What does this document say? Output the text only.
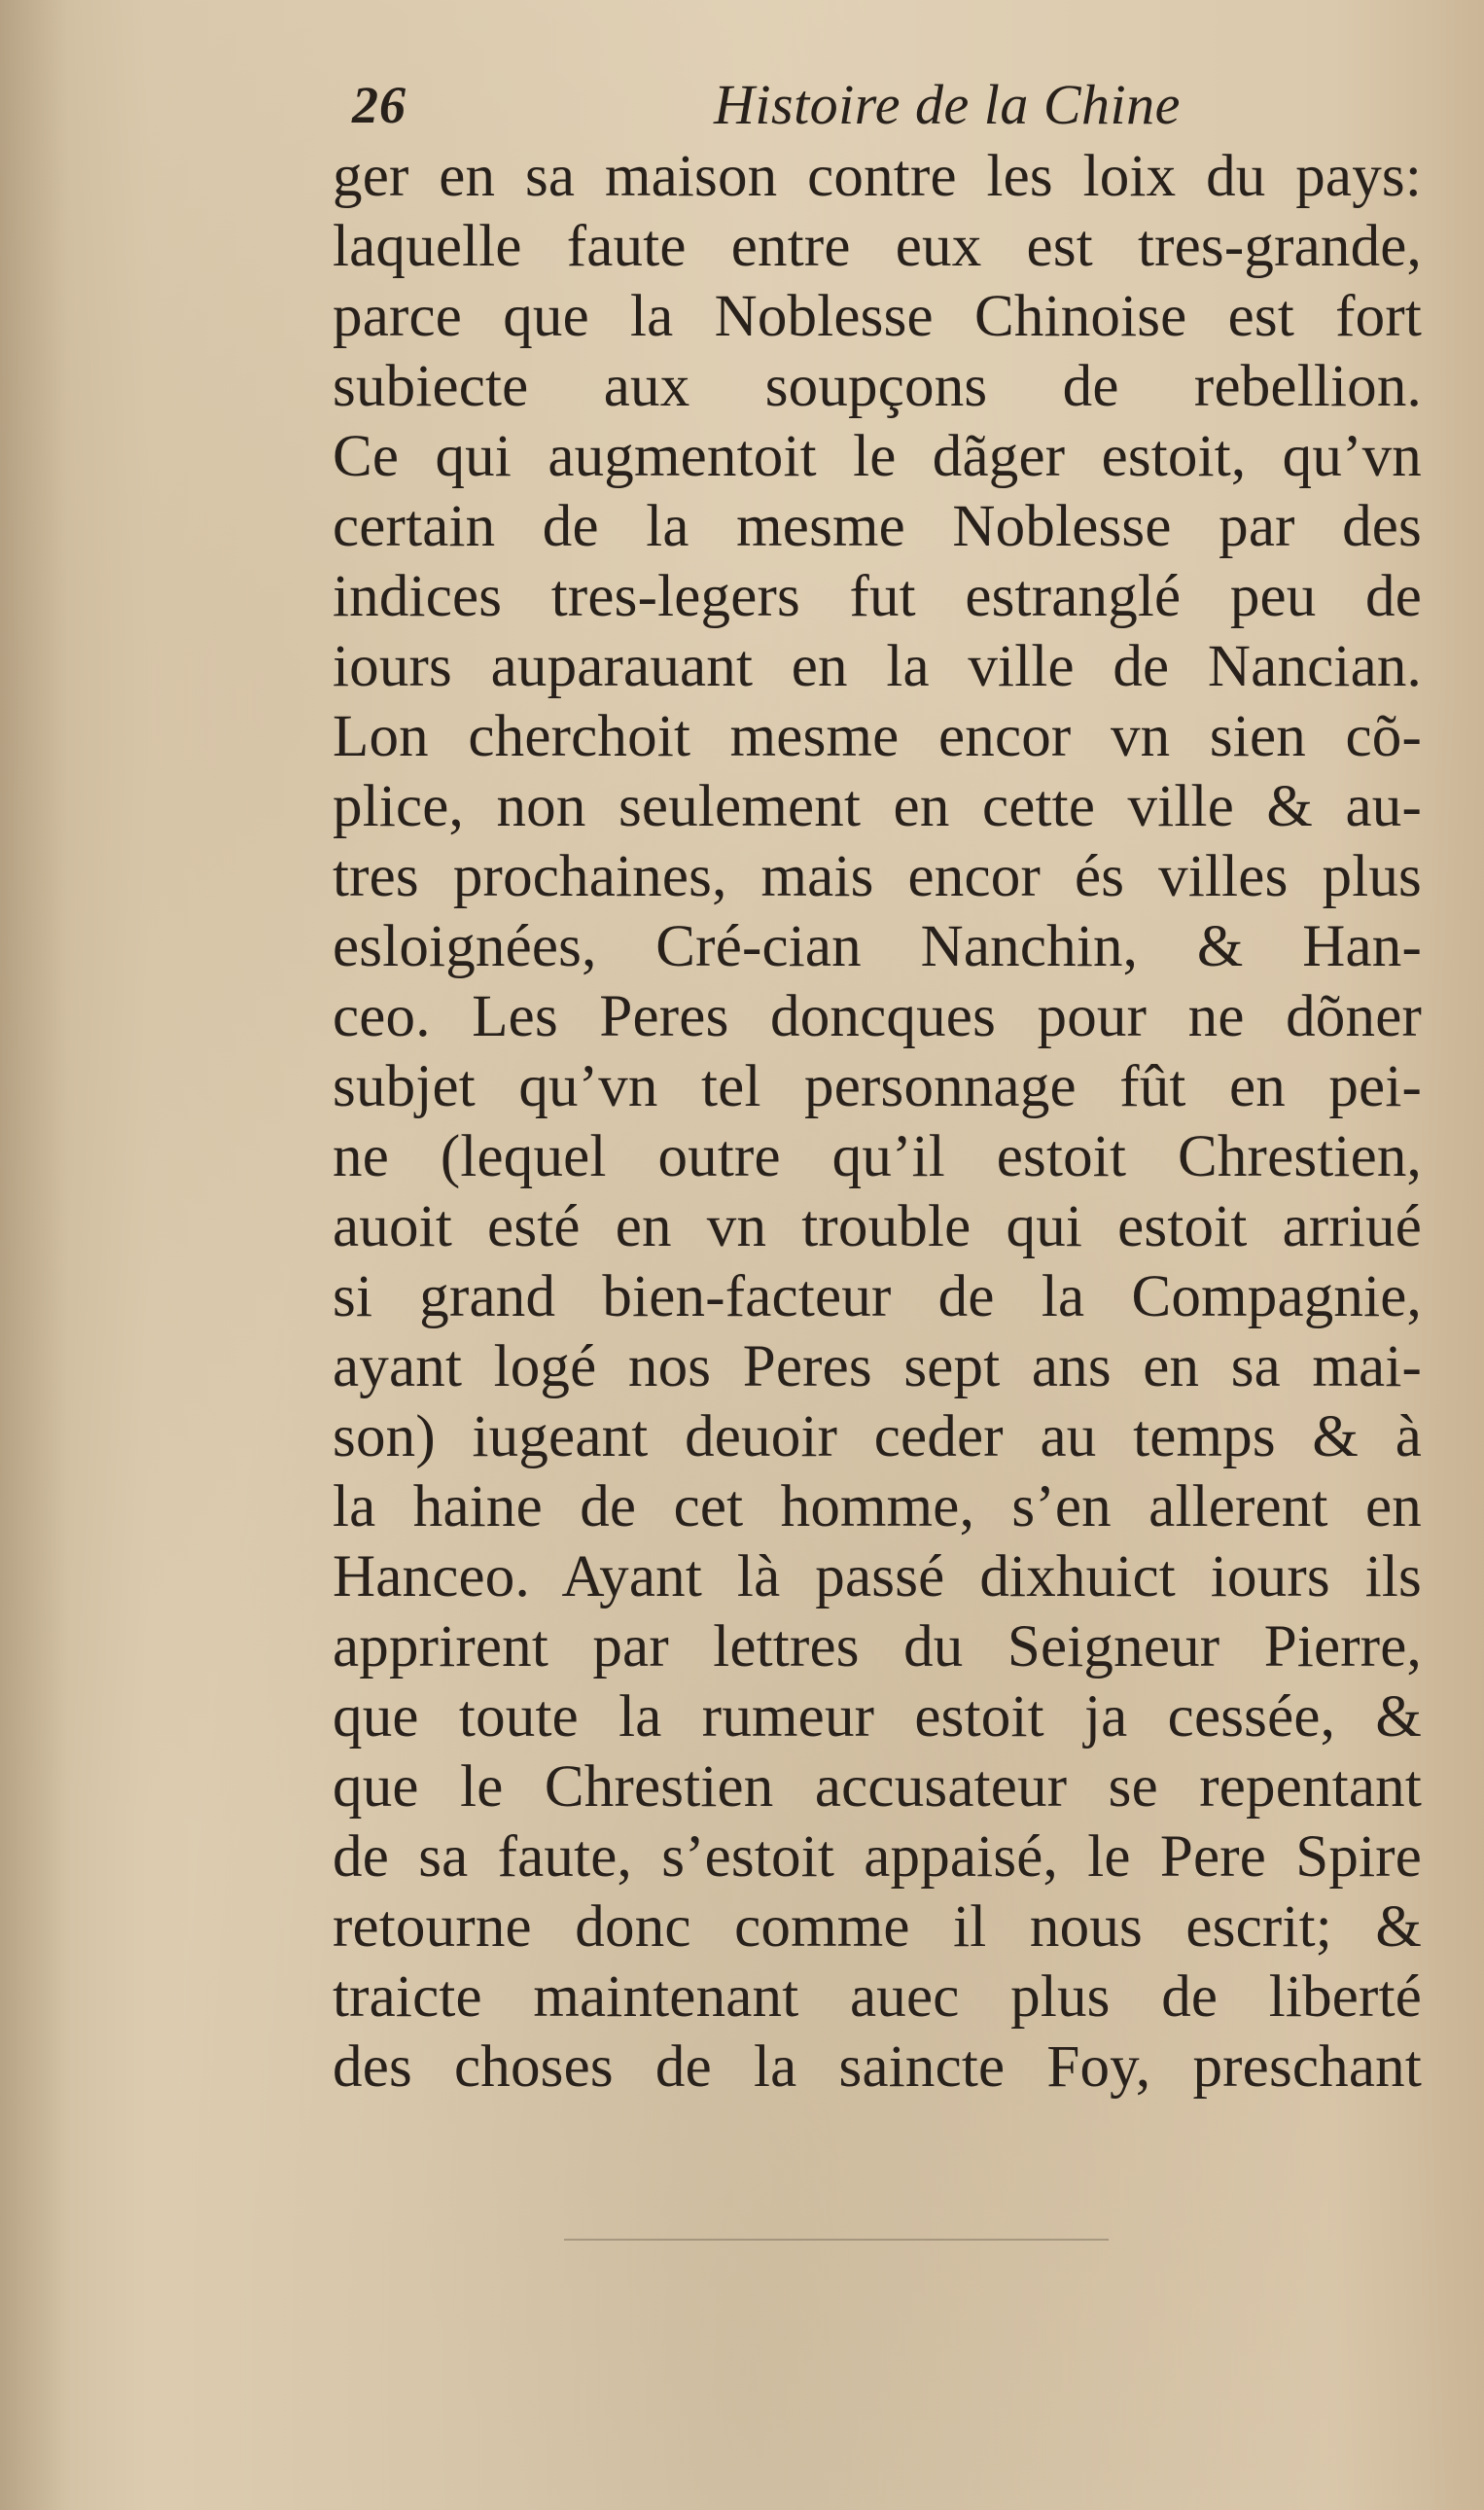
26	Histoire de la Chine
ger en sa maison contre les loix du pays:
laquelle faute entre eux est tres-grande,
parce que la Noblesse Chinoise est fort
subiecte aux soupçons de rebellion.
Ce qui augmentoit le dãger estoit, qu’vn
certain de la mesme Noblesse par des
indices tres-legers fut estranglé peu de
iours auparauant en la ville de Nancian.
Lon cherchoit mesme encor vn sien cõ-
plice, non seulement en cette ville & au-
tres prochaines, mais encor és villes plus
esloignées, Cré-cian Nanchin, & Han-
ceo. Les Peres doncques pour ne dõner
subjet qu’vn tel personnage fût en pei-
ne (lequel outre qu’il estoit Chrestien,
auoit esté en vn trouble qui estoit arriué
si grand bien-facteur de la Compagnie,
ayant logé nos Peres sept ans en sa mai-
son) iugeant deuoir ceder au temps & à
la haine de cet homme, s’en allerent en
Hanceo. Ayant là passé dixhuict iours ils
apprirent par lettres du Seigneur Pierre,
que toute la rumeur estoit ja cessée, &
que le Chrestien accusateur se repentant
de sa faute, s’estoit appaisé, le Pere Spire
retourne donc comme il nous escrit; &
traicte maintenant auec plus de liberté
des choses de la saincte Foy, preschant
